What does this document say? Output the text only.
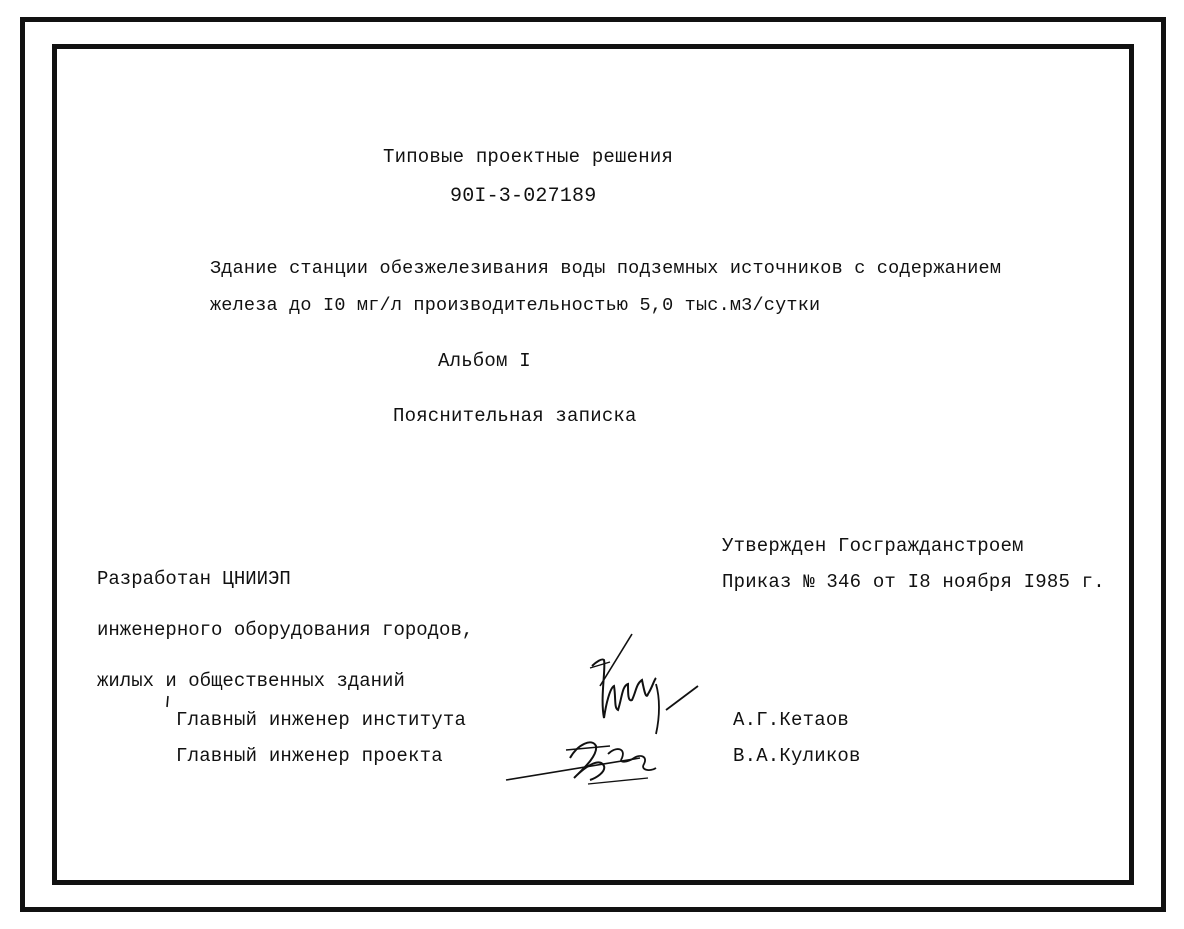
Типовые проектные решения
90I-3-027189
Здание станции обезжелезивания воды подземных источников с содержанием
железа до I0 мг/л производительностью 5,0 тыс.м3/сутки
Альбом I
Пояснительная записка

Разработан ЦНИИЭП

инженерного оборудования городов,

жилых и общественных зданий

Утвержден Госгражданстроем
Приказ № 346 от I8 ноября I985 г.
Главный инженер института
Главный инженер проекта
А.Г.Кетаов
В.А.Куликов
